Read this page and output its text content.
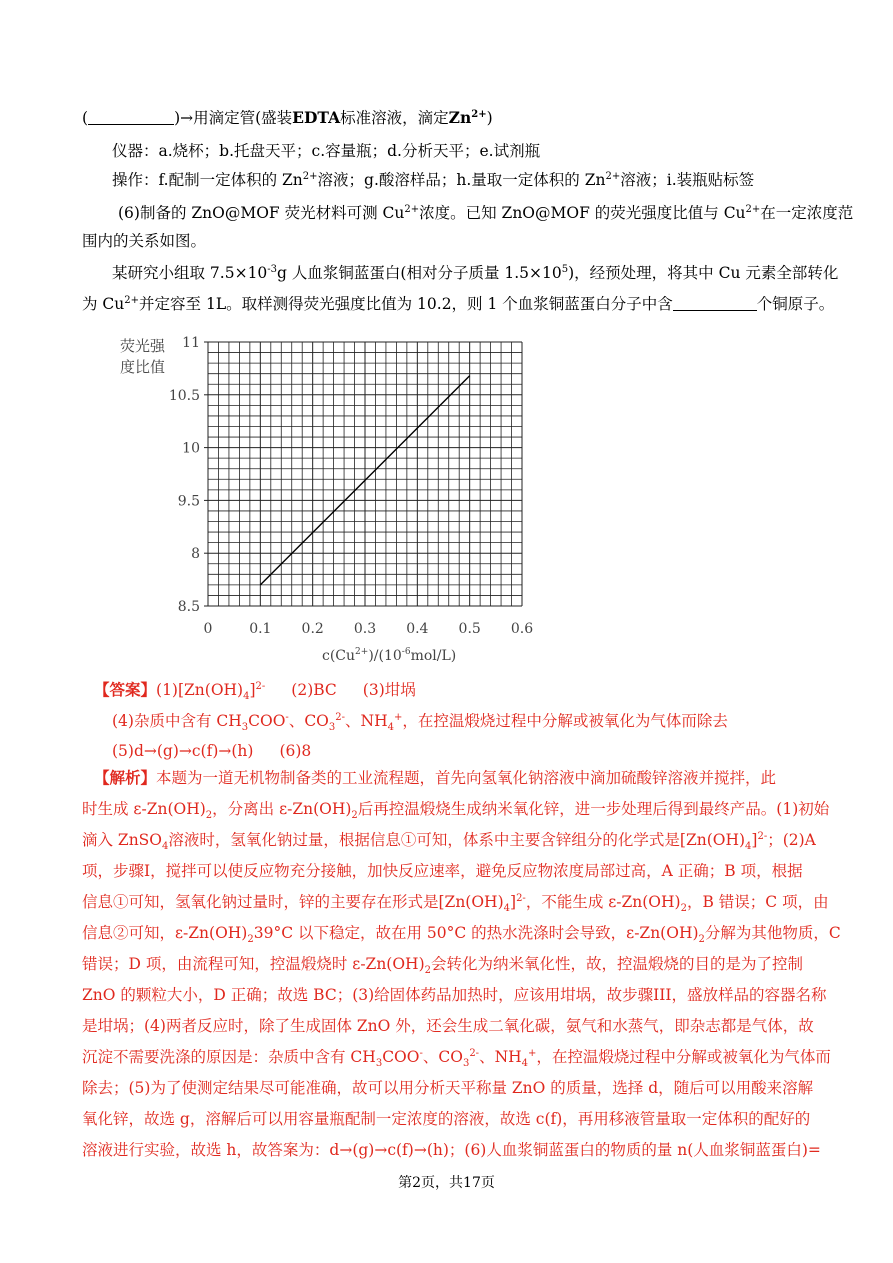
(	)→用滴定管(盛装EDTA标准溶液，滴定$Zn^{2+}$)
仪器：a.烧杯；b.托盘天平；c.容量瓶；d.分析天平；e.试剂瓶
操作：f.配制一定体积的 $Zn^{2+}$溶液；g.酸溶样品；h.量取一定体积的 $Zn^{2+}$溶液；i.装瓶贴标签
(6)制备的 ZnO@MOF 荧光材料可测 $Cu^{2+}$浓度。已知 ZnO@MOF 的荧光强度比值与 $Cu^{2+}$在一定浓度范
围内的关系如图。
某研究小组取 $7.5\times 10^{-3}g$ 人血浆铜蓝蛋白(相对分子质量 $1.5\times 10^5$)，经预处理，将其中 Cu 元素全部转化
为 $Cu^{2+}$并定容至 1L。取样测得荧光强度比值为 10.2，则 1 个血浆铜蓝蛋白分子中含	个铜原子。
8.5
8
9.5
10
10.5
11
0	0.1 0.2 0.3 0.4 0.5 0.6
荧光强
度比值
$c(Cu^{2+})/(10^{-6}mol/L)$
【答案】$(1)[Zn(OH)_4]^{2-}$ (2)BC (3)坩埚
(4)杂质中含有 $CH_3COO^-$、$CO_3^{2-}$、$NH_4^+$，在控温煅烧过程中分解或被氧化为气体而除去
(5)d→(g)→c(f)→(h) (6)8
【解析】本题为一道无机物制备类的工业流程题，首先向氢氧化钠溶液中滴加硫酸锌溶液并搅拌，此
时生成 $\varepsilon-Zn(OH)_2$，分离出 $\varepsilon-Zn(OH)_2$后再控温煅烧生成纳米氧化锌，进一步处理后得到最终产品。(1)初始
滴入 ZnSO$_4$溶液时，氢氧化钠过量，根据信息①可知，体系中主要含锌组分的化学式是$[Zn(OH)_4]^{2-}$；(2)A
项，步骤I，搅拌可以使反应物充分接触，加快反应速率，避免反应物浓度局部过高，A 正确；B 项，根据
信息①可知，氢氧化钠过量时，锌的主要存在形式是$[Zn(OH)_4]^{2-}$，不能生成 $\varepsilon-Zn(OH)_2$，B 错误；C 项，由
信息②可知，$\varepsilon-Zn(OH)_239^\circ C$ 以下稳定，故在用 50°C 的热水洗涤时会导致，$\varepsilon-Zn(OH)_2$分解为其他物质，C
错误；D 项，由流程可知，控温煅烧时 $\varepsilon-Zn(OH)_2$会转化为纳米氧化性，故，控温煅烧的目的是为了控制
ZnO 的颗粒大小，D 正确；故选 BC；(3)给固体药品加热时，应该用坩埚，故步骤III，盛放样品的容器名称
是坩埚；(4)两者反应时，除了生成固体 ZnO 外，还会生成二氧化碳，氨气和水蒸气，即杂志都是气体，故
沉淀不需要洗涤的原因是：杂质中含有 $CH_3COO^-$、$CO_3^{2-}$、$NH_4^+$，在控温煅烧过程中分解或被氧化为气体而
除去；(5)为了使测定结果尽可能准确，故可以用分析天平称量 ZnO 的质量，选择 d，随后可以用酸来溶解
氧化锌，故选 g，溶解后可以用容量瓶配制一定浓度的溶液，故选 c(f)，再用移液管量取一定体积的配好的
溶液进行实验，故选 h，故答案为：d→(g)→c(f)→(h)；(6)人血浆铜蓝蛋白的物质的量 n(人血浆铜蓝蛋白)=
第2页，共17页
